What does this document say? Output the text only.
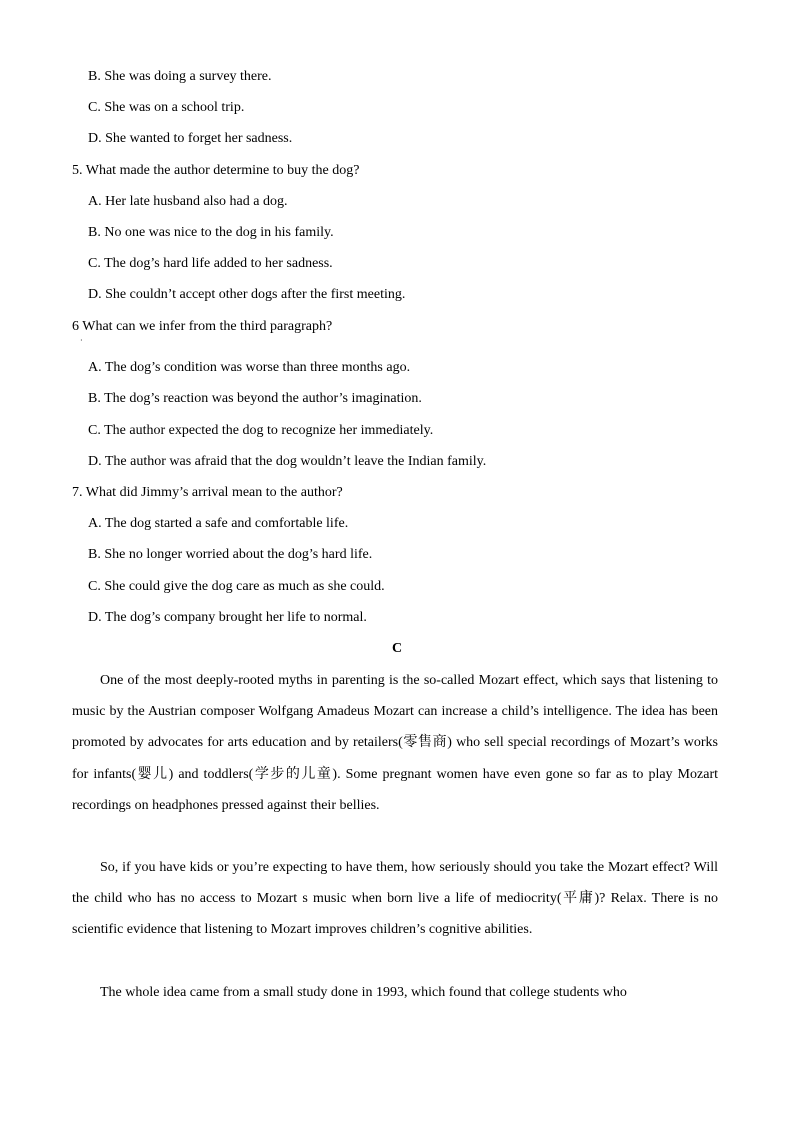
B. She was doing a survey there.
C. She was on a school trip.
D. She wanted to forget her sadness.
5. What made the author determine to buy the dog?
A. Her late husband also had a dog.
B. No one was nice to the dog in his family.
C. The dog’s hard life added to her sadness.
D. She couldn’t accept other dogs after the first meeting.
6 What can we infer from the third paragraph?
·
A. The dog’s condition was worse than three months ago.
B. The dog’s reaction was beyond the author’s imagination.
C. The author expected the dog to recognize her immediately.
D. The author was afraid that the dog wouldn’t leave the Indian family.
7. What did Jimmy’s arrival mean to the author?
A. The dog started a safe and comfortable life.
B. She no longer worried about the dog’s hard life.
C. She could give the dog care as much as she could.
D. The dog’s company brought her life to normal.
C
One of the most deeply-rooted myths in parenting is the so-called Mozart effect, which says that listening to music by the Austrian composer Wolfgang Amadeus Mozart can increase a child’s intelligence. The idea has been promoted by advocates for arts education and by retailers(零售商) who sell special recordings of Mozart’s works for infants(婴儿) and toddlers(学步的儿童). Some pregnant women have even gone so far as to play Mozart recordings on headphones pressed against their bellies.
So, if you have kids or you’re expecting to have them, how seriously should you take the Mozart effect? Will the child who has no access to Mozart s music when born live a life of mediocrity(平庸)? Relax. There is no scientific evidence that listening to Mozart improves children’s cognitive abilities.
The whole idea came from a small study done in 1993, which found that college students who
